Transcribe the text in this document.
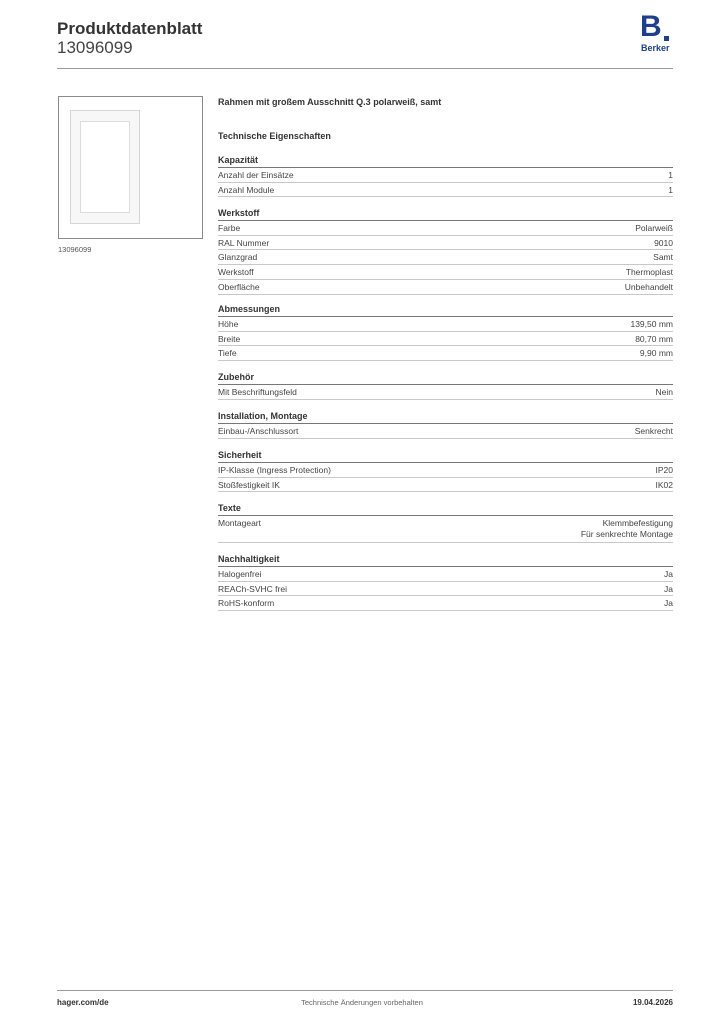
Produktdatenblatt
13096099
B
Berker
13096099
Rahmen mit großem Ausschnitt Q.3 polarweiß, samt
Technische Eigenschaften
Kapazität
Anzahl der Einsätze	1
Anzahl Module	1
Werkstoff
Farbe	Polarweiß
RAL Nummer	9010
Glanzgrad	Samt
Werkstoff	Thermoplast
Oberfläche	Unbehandelt
Abmessungen
Höhe	139,50 mm
Breite	80,70 mm
Tiefe	9,90 mm
Zubehör
Mit Beschriftungsfeld	Nein
Installation, Montage
Einbau-/Anschlussort	Senkrecht
Sicherheit
IP-Klasse (Ingress Protection)	IP20
Stoßfestigkeit IK	IK02
Texte
Montageart	Klemmbefestigung
Für senkrechte Montage
Nachhaltigkeit
Halogenfrei	Ja
REACh-SVHC frei	Ja
RoHS-konform	Ja
hager.com/de	Technische Änderungen vorbehalten	19.04.2026
